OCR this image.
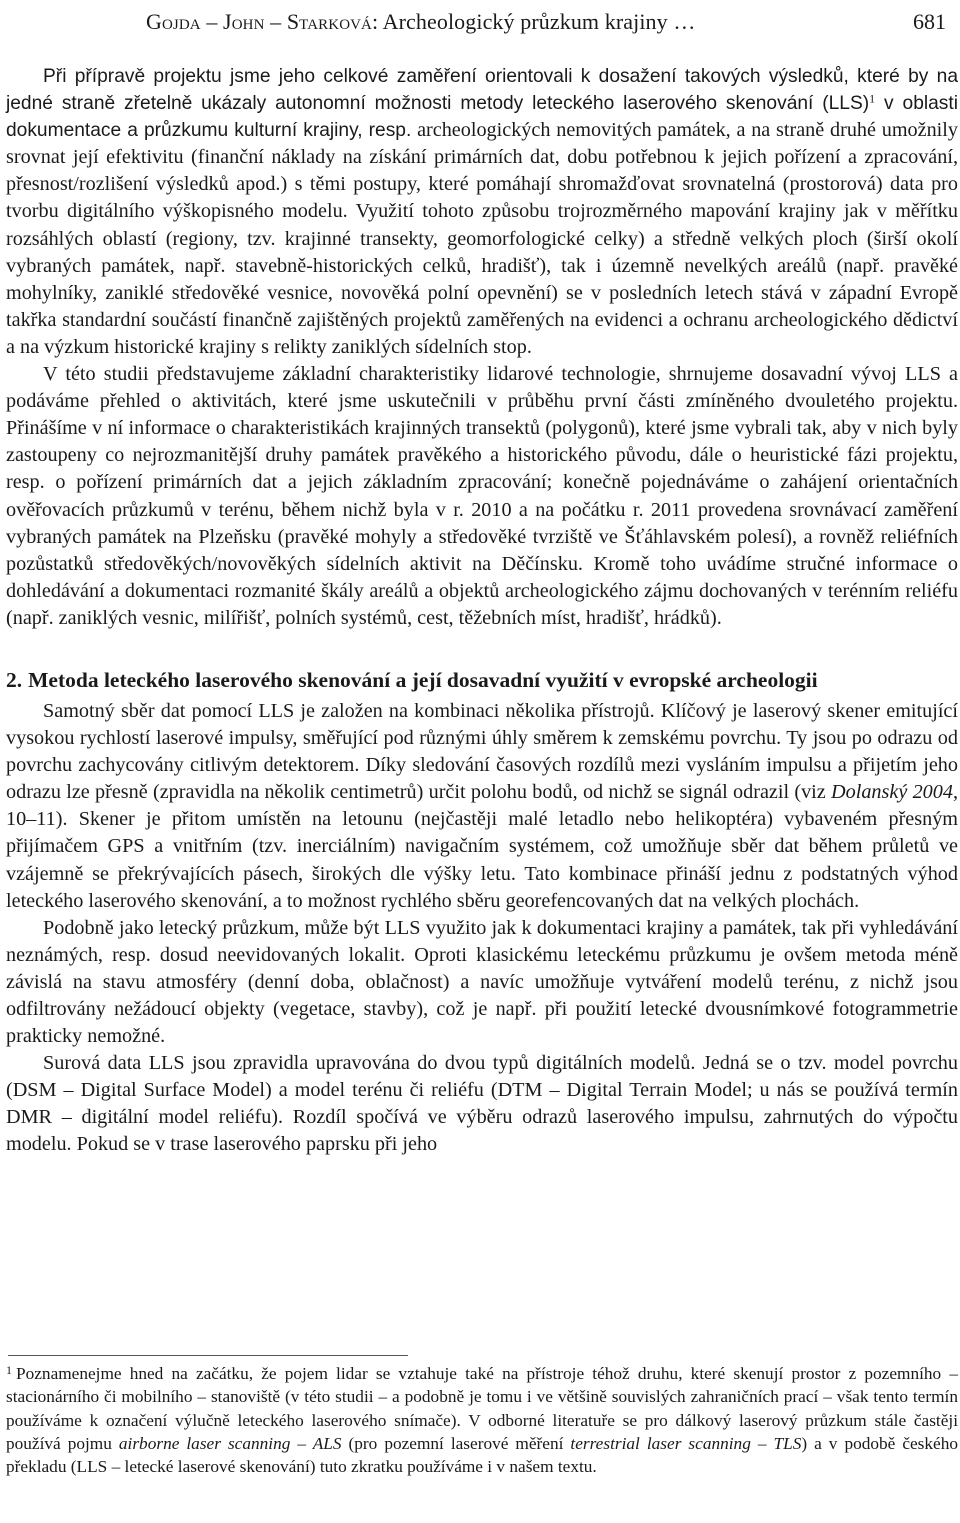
Gojda – John – Starková: Archeologický průzkum krajiny …	681

Při přípravě projektu jsme jeho celkové zaměření orientovali k dosažení takových výsledků, které by na jedné straně zřetelně ukázaly autonomní možnosti metody leteckého laserového skenování (LLS)$^1$ v oblasti dokumentace a průzkumu kulturní krajiny, resp. archeologických nemovitých památek, a na straně druhé umožnily srovnat její efektivitu (finanční náklady na získání primárních dat, dobu potřebnou k jejich pořízení a zpracování, přesnost/rozlišení výsledků apod.) s těmi postupy, které pomáhají shromažďovat srovnatelná (prostorová) data pro tvorbu digitálního výškopisného modelu. Využití tohoto způsobu trojrozměrného mapování krajiny jak v měřítku rozsáhlých oblastí (regiony, tzv. krajinné transekty, geomorfologické celky) a středně velkých ploch (širší okolí vybraných památek, např. stavebně-historických celků, hradišť), tak i územně nevelkých areálů (např. pravěké mohylníky, zaniklé středověké vesnice, novověká polní opevnění) se v posledních letech stává v západní Evropě takřka standardní součástí finančně zajištěných projektů zaměřených na evidenci a ochranu archeologického dědictví a na výzkum historické krajiny s relikty zaniklých sídelních stop.

V této studii představujeme základní charakteristiky lidarové technologie, shrnujeme dosavadní vývoj LLS a podáváme přehled o aktivitách, které jsme uskutečnili v průběhu první části zmíněného dvouletého projektu. Přinášíme v ní informace o charakteristikách krajinných transektů (polygonů), které jsme vybrali tak, aby v nich byly zastoupeny co nejrozmanitější druhy památek pravěkého a historického původu, dále o heuristické fázi projektu, resp. o pořízení primárních dat a jejich základním zpracování; konečně pojednáváme o zahájení orientačních ověřovacích průzkumů v terénu, během nichž byla v r. 2010 a na počátku r. 2011 provedena srovnávací zaměření vybraných památek na Plzeňsku (pravěké mohyly a středověké tvrziště ve Šťáhlavském polesí), a rovněž reliéfních pozůstatků středověkých/novověkých sídelních aktivit na Děčínsku. Kromě toho uvádíme stručné informace o dohledávání a dokumentaci rozmanité škály areálů a objektů archeologického zájmu dochovaných v terénním reliéfu (např. zaniklých vesnic, milířišť, polních systémů, cest, těžebních míst, hradišť, hrádků).

2. Metoda leteckého laserového skenování a její dosavadní využití v evropské archeologii

Samotný sběr dat pomocí LLS je založen na kombinaci několika přístrojů. Klíčový je laserový skener emitující vysokou rychlostí laserové impulsy, směřující pod různými úhly směrem k zemskému povrchu. Ty jsou po odrazu od povrchu zachycovány citlivým detektorem. Díky sledování časových rozdílů mezi vysláním impulsu a přijetím jeho odrazu lze přesně (zpravidla na několik centimetrů) určit polohu bodů, od nichž se signál odrazil (viz Dolanský 2004, 10–11). Skener je přitom umístěn na letounu (nejčastěji malé letadlo nebo helikoptéra) vybaveném přesným přijímačem GPS a vnitřním (tzv. inerciálním) navigačním systémem, což umožňuje sběr dat během průletů ve vzájemně se překrývajících pásech, širokých dle výšky letu. Tato kombinace přináší jednu z podstatných výhod leteckého laserového skenování, a to možnost rychlého sběru georefencovaných dat na velkých plochách.

Podobně jako letecký průzkum, může být LLS využito jak k dokumentaci krajiny a památek, tak při vyhledávání neznámých, resp. dosud neevidovaných lokalit. Oproti klasickému leteckému průzkumu je ovšem metoda méně závislá na stavu atmosféry (denní doba, oblačnost) a navíc umožňuje vytváření modelů terénu, z nichž jsou odfiltrovány nežádoucí objekty (vegetace, stavby), což je např. při použití letecké dvousnímkové fotogrammetrie prakticky nemožné.

Surová data LLS jsou zpravidla upravována do dvou typů digitálních modelů. Jedná se o tzv. model povrchu (DSM – Digital Surface Model) a model terénu či reliéfu (DTM – Digital Terrain Model; u nás se používá termín DMR – digitální model reliéfu). Rozdíl spočívá ve výběru odrazů laserového impulsu, zahrnutých do výpočtu modelu. Pokud se v trase laserového paprsku při jeho

$^1$ Poznamenejme hned na začátku, že pojem lidar se vztahuje také na přístroje téhož druhu, které skenují prostor z pozemního – stacionárního či mobilního – stanoviště (v této studii – a podobně je tomu i ve většině souvislých zahraničních prací – však tento termín používáme k označení výlučně leteckého laserového snímače). V odborné literatuře se pro dálkový laserový průzkum stále častěji používá pojmu airborne laser scanning – ALS (pro pozemní laserové měření terrestrial laser scanning – TLS) a v podobě českého překladu (LLS – letecké laserové skenování) tuto zkratku používáme i v našem textu.
